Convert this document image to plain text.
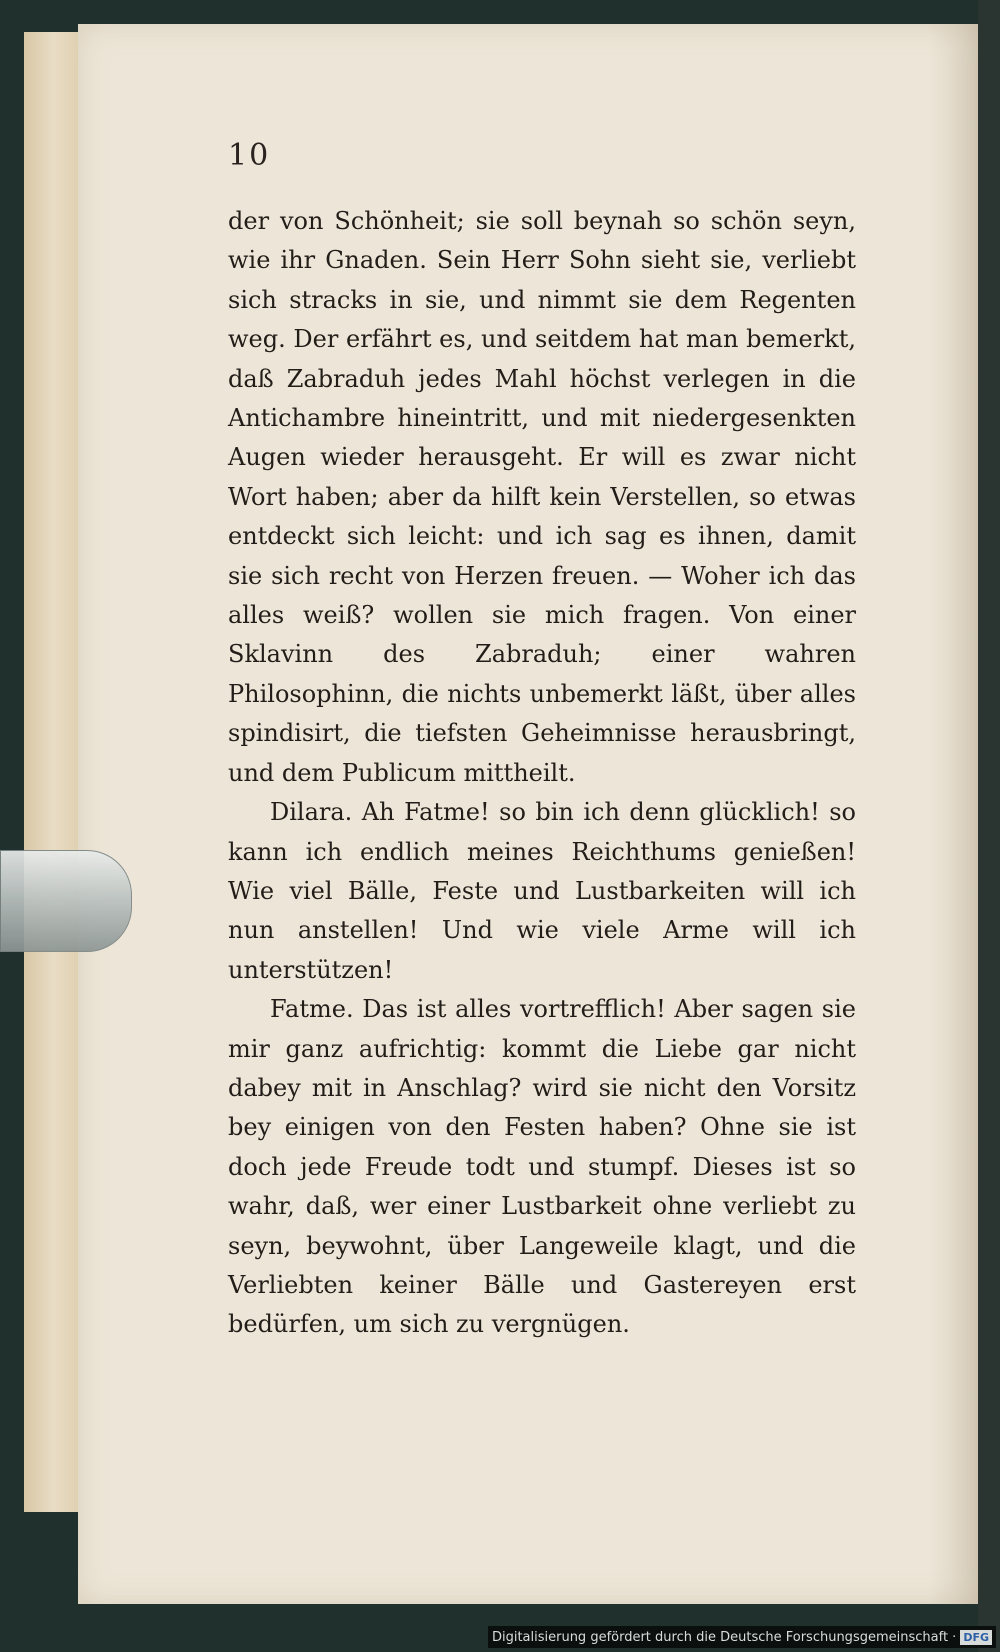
10

der von Schönheit; sie soll beynah so schön seyn, wie ihr Gnaden. Sein Herr Sohn sieht sie, verliebt sich stracks in sie, und nimmt sie dem Regenten weg. Der erfährt es, und seitdem hat man bemerkt, daß Zabraduh jedes Mahl höchst verlegen in die Antichambre hineintritt, und mit niedergesenkten Augen wieder herausgeht. Er will es zwar nicht Wort haben; aber da hilft kein Verstellen, so etwas entdeckt sich leicht: und ich sag es ihnen, damit sie sich recht von Herzen freuen. — Woher ich das alles weiß? wollen sie mich fragen. Von einer Sklavinn des Zabraduh; einer wahren Philosophinn, die nichts unbemerkt läßt, über alles spindisirt, die tiefsten Geheimnisse herausbringt, und dem Publicum mittheilt.

Dilara. Ah Fatme! so bin ich denn glücklich! so kann ich endlich meines Reichthums genießen! Wie viel Bälle, Feste und Lustbarkeiten will ich nun anstellen! Und wie viele Arme will ich unterstützen!

Fatme. Das ist alles vortrefflich! Aber sagen sie mir ganz aufrichtig: kommt die Liebe gar nicht dabey mit in Anschlag? wird sie nicht den Vorsitz bey einigen von den Festen haben? Ohne sie ist doch jede Freude todt und stumpf. Dieses ist so wahr, daß, wer einer Lustbarkeit ohne verliebt zu seyn, beywohnt, über Langeweile klagt, und die Verliebten keiner Bälle und Gastereyen erst bedürfen, um sich zu vergnügen.

Digitalisierung gefördert durch die Deutsche Forschungsgemeinschaft · DFG
